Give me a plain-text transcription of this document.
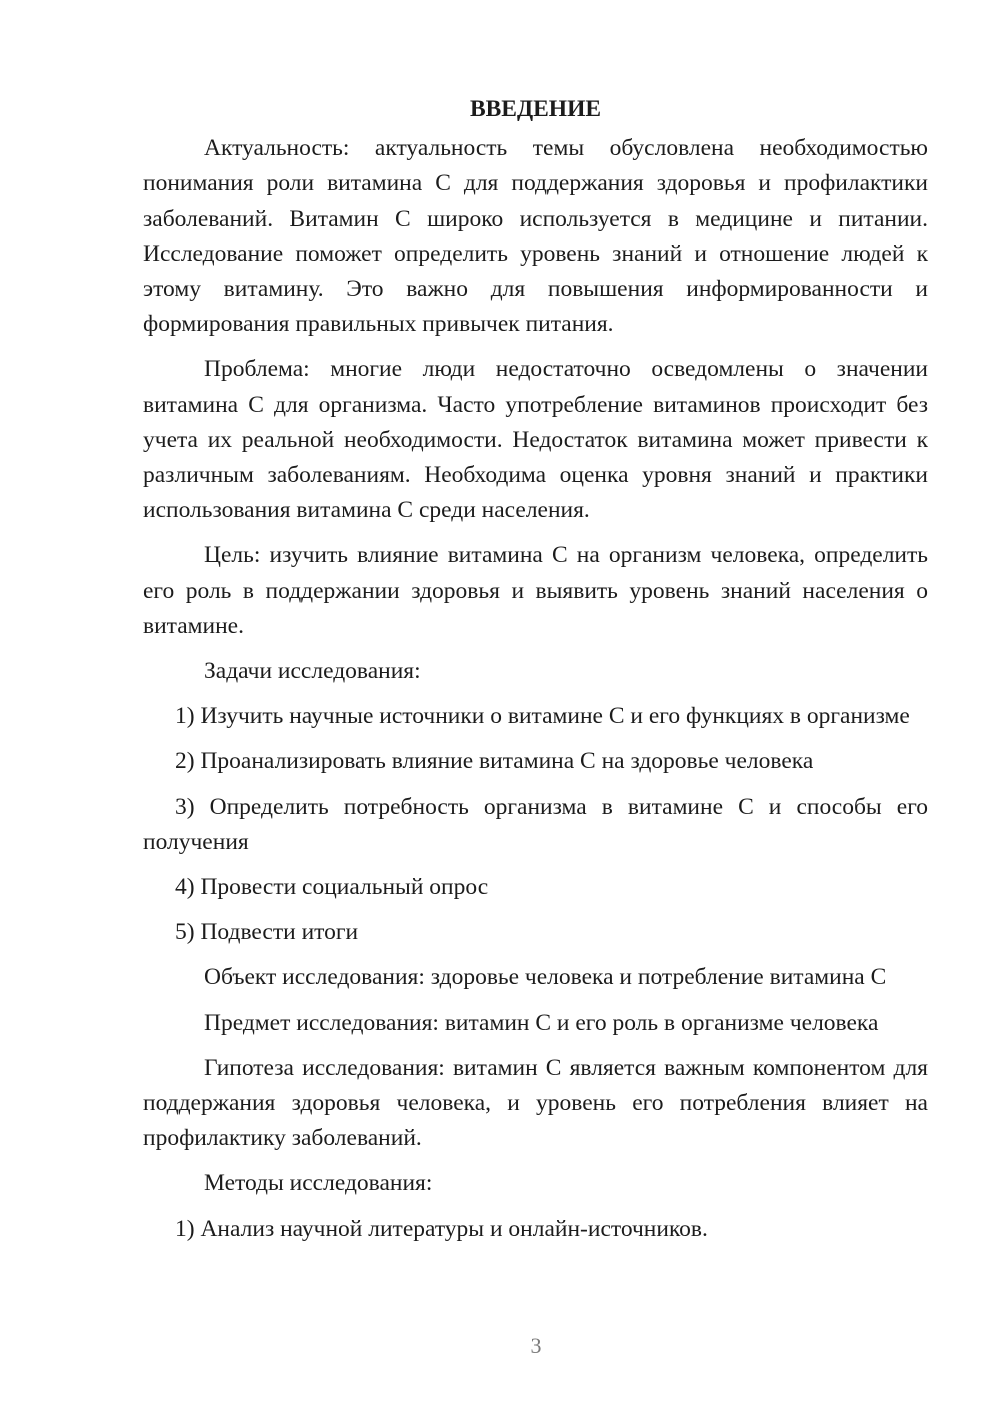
ВВЕДЕНИЕ

Актуальность: актуальность темы обусловлена необходимостью понимания роли витамина С для поддержания здоровья и профилактики заболеваний. Витамин С широко используется в медицине и питании. Исследование поможет определить уровень знаний и отношение людей к этому витамину. Это важно для повышения информированности и формирования правильных привычек питания.

Проблема: многие люди недостаточно осведомлены о значении витамина С для организма. Часто употребление витаминов происходит без учета их реальной необходимости. Недостаток витамина может привести к различным заболеваниям. Необходима оценка уровня знаний и практики использования витамина С среди населения.

Цель: изучить влияние витамина С на организм человека, определить его роль в поддержании здоровья и выявить уровень знаний населения о витамине.

Задачи исследования:

1) Изучить научные источники о витамине С и его функциях в организме

2) Проанализировать влияние витамина С на здоровье человека

3) Определить потребность организма в витамине С и способы его получения

4) Провести социальный опрос

5) Подвести итоги

Объект исследования: здоровье человека и потребление витамина С

Предмет исследования: витамин С и его роль в организме человека

Гипотеза исследования: витамин С является важным компонентом для поддержания здоровья человека, и уровень его потребления влияет на профилактику заболеваний.

Методы исследования:

1) Анализ научной литературы и онлайн-источников.

3
